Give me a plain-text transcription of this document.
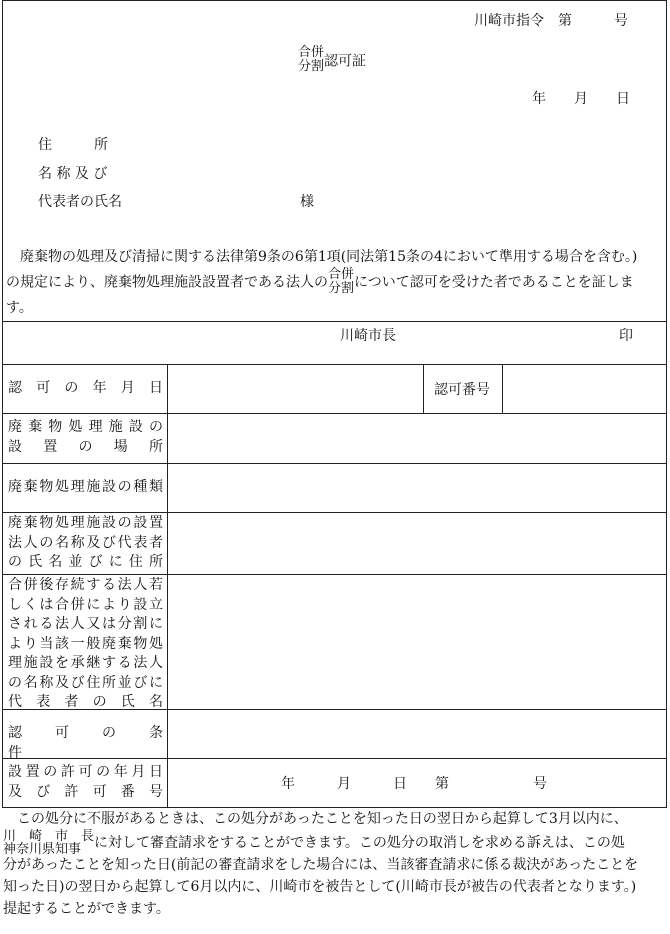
川崎市指令　第　　　号
合併
分割 認可証
年　　月　　日
住　　　所
名 称 及 び
代表者の氏名	様
　廃棄物の処理及び清掃に関する法律第9条の6第1項(同法第15条の4において準用する場合を含む。)
の規定により、廃棄物処理施設設置者である法人の 合併
分割 について認可を受けた者であることを証しま
す。
川崎市長	印
認　可　の　年　月　日	認可番号
廃棄物処理施設の
設　置　の　場　所
廃棄物処理施設の種類
廃棄物処理施設の設置
法人の名称及び代表者
の 氏 名 並 び に 住 所
合併後存続する法人若
しくは合併により設立
される法人又は分割に
より当該一般廃棄物処
理施設を承継する法人
の名称及び住所並びに
代　表　者　の　氏　名
認　　可　　の　　条　　件
設置の許可の年月日
及　び　許　可　番　号	年　　　月　　　日　　第　　　　　　号
　この処分に不服があるときは、この処分があったことを知った日の翌日から起算して3月以内に、
川　崎　市　長
神奈川県知事 に対して審査請求をすることができます。この処分の取消しを求める訴えは、この処
分があったことを知った日(前記の審査請求をした場合には、当該審査請求に係る裁決があったことを
知った日)の翌日から起算して6月以内に、川崎市を被告として(川崎市長が被告の代表者となります。)
提起することができます。
